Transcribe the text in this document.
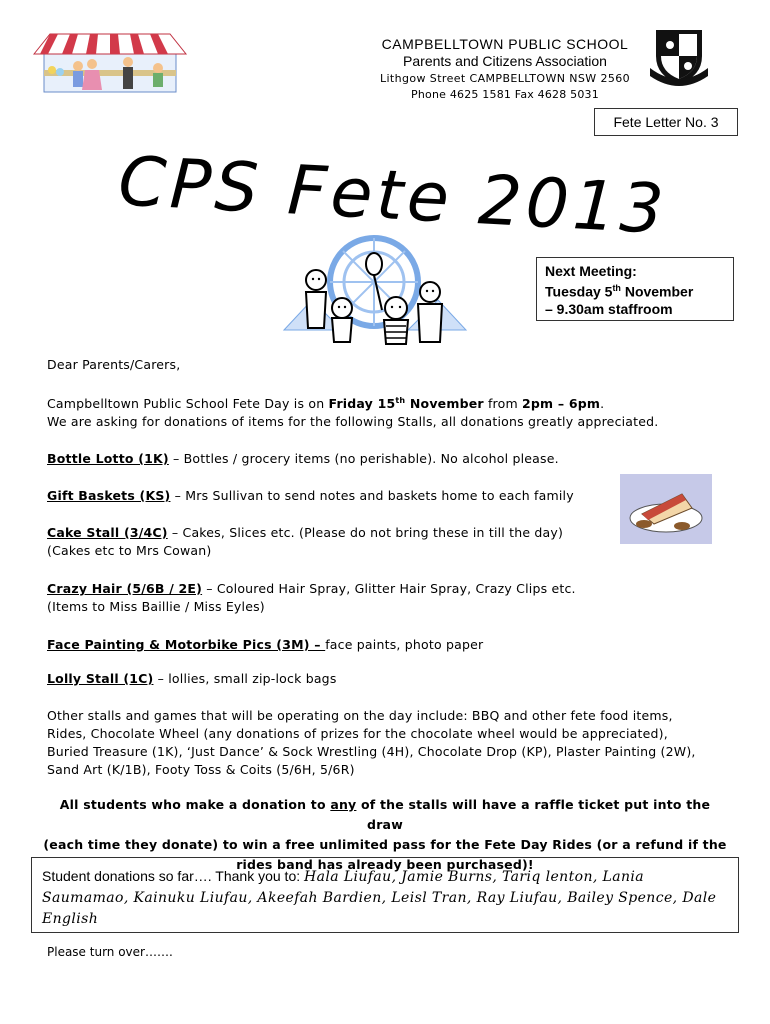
CAMPBELLTOWN PUBLIC SCHOOL
Parents and Citizens Association
Lithgow Street CAMPBELLTOWN NSW 2560
Phone 4625 1581 Fax 4628 5031
Fete Letter No. 3
CPS Fete 2013
Next Meeting:
Tuesday 5th November
– 9.30am staffroom
Dear Parents/Carers,
Campbelltown Public School Fete Day is on Friday 15th November from 2pm – 6pm.
We are asking for donations of items for the following Stalls, all donations greatly appreciated.
Bottle Lotto (1K) – Bottles / grocery items (no perishable). No alcohol please.
Gift Baskets (KS) – Mrs Sullivan to send notes and baskets home to each family
Cake Stall (3/4C) – Cakes, Slices etc. (Please do not bring these in till the day)
(Cakes etc to Mrs Cowan)
Crazy Hair (5/6B / 2E) – Coloured Hair Spray, Glitter Hair Spray, Crazy Clips etc.
(Items to Miss Baillie / Miss Eyles)
Face Painting & Motorbike Pics (3M) – face paints, photo paper
Lolly Stall (1C) – lollies, small zip-lock bags
Other stalls and games that will be operating on the day include: BBQ and other fete food items,
Rides, Chocolate Wheel (any donations of prizes for the chocolate wheel would be appreciated),
Buried Treasure (1K), ‘Just Dance’ & Sock Wrestling (4H), Chocolate Drop (KP), Plaster Painting (2W),
Sand Art (K/1B), Footy Toss & Coits (5/6H, 5/6R)
All students who make a donation to any of the stalls will have a raffle ticket put into the draw
(each time they donate) to win a free unlimited pass for the Fete Day Rides (or a refund if the
rides band has already been purchased)!
Student donations so far…. Thank you to: Hala Liufau, Jamie Burns, Tariq lenton, Lania Saumamao, Kainuku Liufau, Akeefah Bardien, Leisl Tran, Ray Liufau, Bailey Spence, Dale English
Please turn over…….
